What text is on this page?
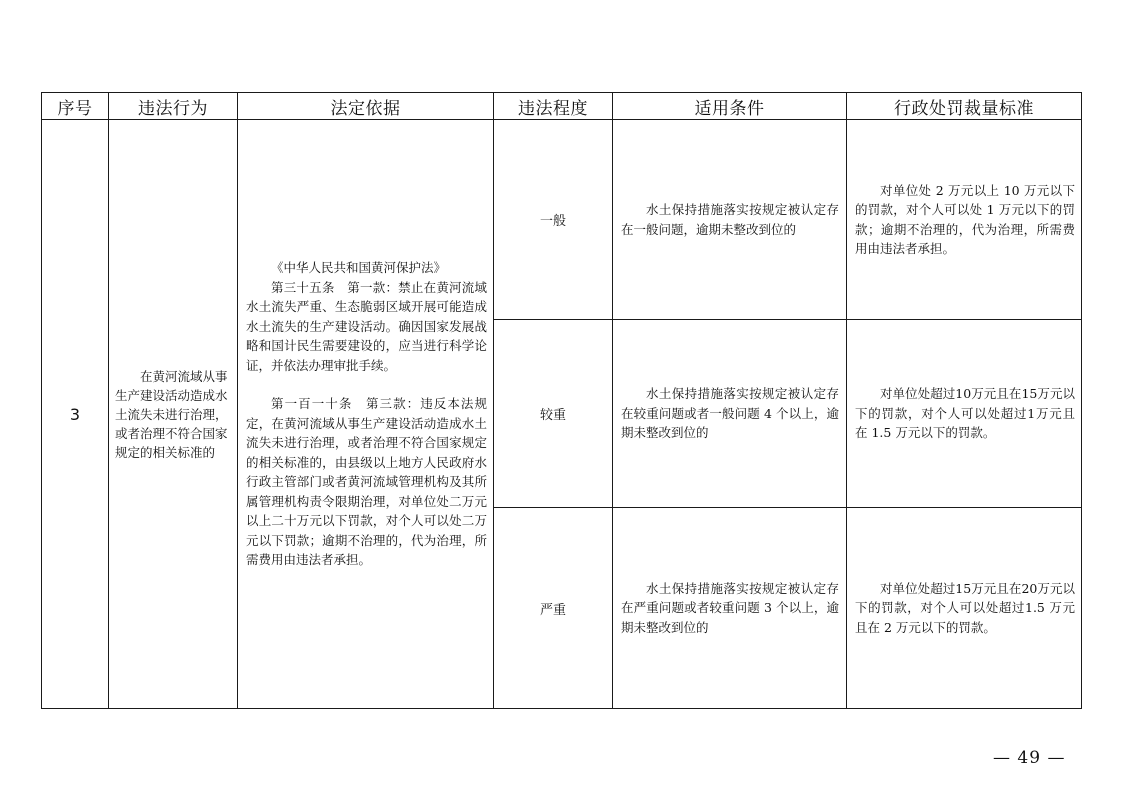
序号	违法行为	法定依据	违法程度	适用条件	行政处罚裁量标准
3	在黄河流域从事生产建设活动造成水土流失未进行治理，或者治理不符合国家规定的相关标准的	《中华人民共和国黄河保护法》

第三十五条　第一款：禁止在黄河流域水土流失严重、生态脆弱区域开展可能造成水土流失的生产建设活动。确因国家发展战略和国计民生需要建设的，应当进行科学论证，并依法办理审批手续。

第一百一十条　第三款：违反本法规定，在黄河流域从事生产建设活动造成水土流失未进行治理，或者治理不符合国家规定的相关标准的，由县级以上地方人民政府水行政主管部门或者黄河流域管理机构及其所属管理机构责令限期治理，对单位处二万元以上二十万元以下罚款，对个人可以处二万元以下罚款；逾期不治理的，代为治理，所需费用由违法者承担。	一般	水土保持措施落实按规定被认定存在一般问题，逾期未整改到位的	对单位处 2 万元以上 10 万元以下的罚款，对个人可以处 1 万元以下的罚款；逾期不治理的，代为治理，所需费用由违法者承担。

			较重	水土保持措施落实按规定被认定存在较重问题或者一般问题 4 个以上，逾期未整改到位的	对单位处超过10万元且在15万元以下的罚款，对个人可以处超过1万元且在 1.5 万元以下的罚款。

			严重	水土保持措施落实按规定被认定存在严重问题或者较重问题 3 个以上，逾期未整改到位的	对单位处超过15万元且在20万元以下的罚款，对个人可以处超过1.5 万元且在 2 万元以下的罚款。
— 49 —
